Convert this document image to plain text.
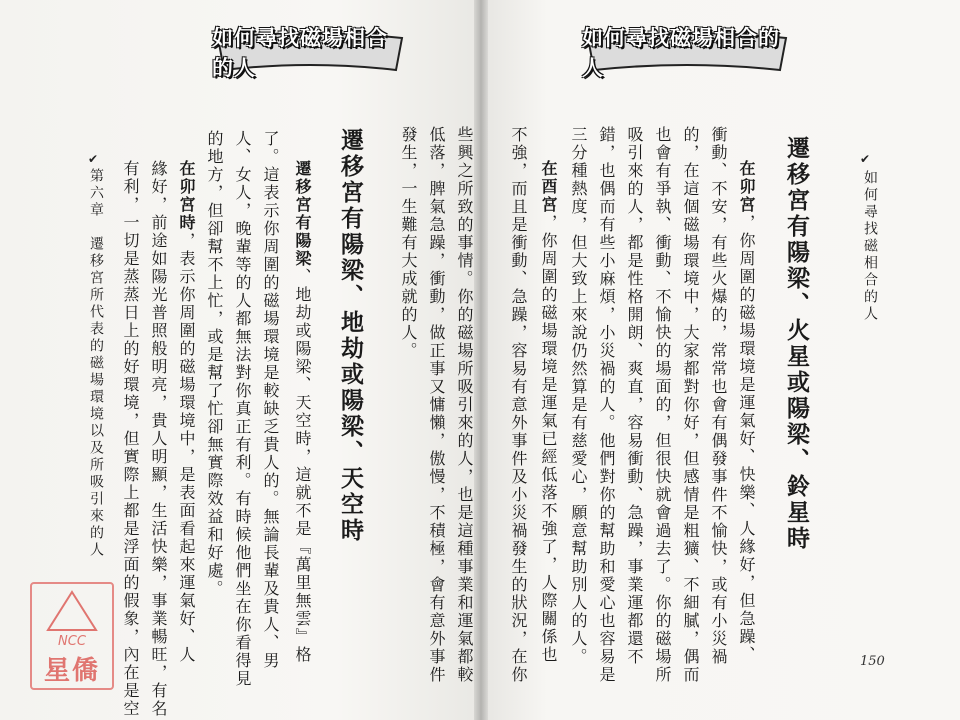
如何尋找磁場相合的人
✔
第六章　遷移宮所代表的磁場環境以及所吸引來的人 有利，一切是蒸蒸日上的好環境，但實際上都是浮面的假象，內在是空 緣好，前途如陽光普照般明亮，貴人明顯，生活快樂，事業暢旺，有名 在卯宮時，表示你周圍的磁場環境中，是表面看起來運氣好、人 的地方，但卻幫不上忙，或是幫了忙卻無實際效益和好處。 人、女人，晚輩等的人都無法對你真正有利。有時候他們坐在你看得見 了。這表示你周圍的磁場環境是較缺乏貴人的。無論長輩及貴人、男 遷移宮有陽梁、地劫或陽梁、天空時，這就不是『萬里無雲』格 遷移宮有陽梁、地劫或陽梁、天空時 發生，一生難有大成就的人。 低落，脾氣急躁，衝動，做正事又慵懶，傲慢，不積極，會有意外事件 些興之所致的事情。你的磁場所吸引來的人，也是這種事業和運氣都較
NCC
星僑
如何尋找磁場相合的人
不強，而且是衝動、急躁，容易有意外事件及小災禍發生的狀況，在你 在酉宮，你周圍的磁場環境是運氣已經低落不強了，人際關係也 三分種熱度，但大致上來說仍然算是有慈愛心，願意幫助別人的人。 錯，也偶而有些小麻煩，小災禍的人。他們對你的幫助和愛心也容易是 吸引來的人，都是性格開朗、爽直，容易衝動、急躁，事業運都還不 也會有爭執、衝動、不愉快的場面的，但很快就會過去了。你的磁場所 的，在這個磁場環境中，大家都對你好，但感情是粗獷、不細膩，偶而 衝動、不安，有些火爆的，常常也會有偶發事件不愉快，或有小災禍 在卯宮，你周圍的磁場環境是運氣好、快樂、人緣好，但急躁、 遷移宮有陽梁、火星或陽梁、鈴星時	✔
如何尋找磁相合的人
150
